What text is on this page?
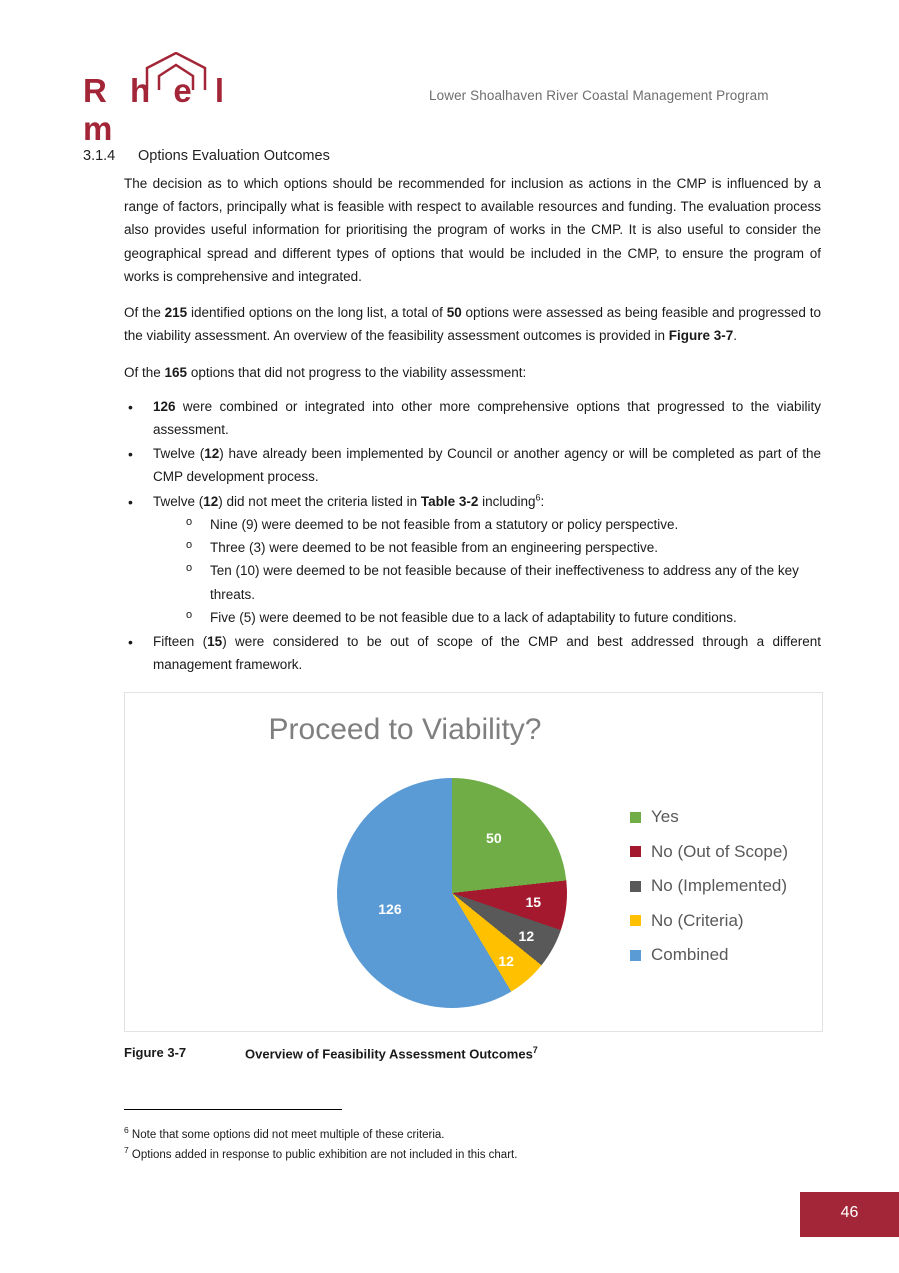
R h e l m
Lower Shoalhaven River Coastal Management Program
3.1.4 Options Evaluation Outcomes

The decision as to which options should be recommended for inclusion as actions in the CMP is influenced by a range of factors, principally what is feasible with respect to available resources and funding. The evaluation process also provides useful information for prioritising the program of works in the CMP. It is also useful to consider the geographical spread and different types of options that would be included in the CMP, to ensure the program of works is comprehensive and integrated.

Of the 215 identified options on the long list, a total of 50 options were assessed as being feasible and progressed to the viability assessment. An overview of the feasibility assessment outcomes is provided in Figure 3-7.

Of the 165 options that did not progress to the viability assessment:

• 126 were combined or integrated into other more comprehensive options that progressed to the viability assessment.
• Twelve (12) have already been implemented by Council or another agency or will be completed as part of the CMP development process.
• Twelve (12) did not meet the criteria listed in Table 3-2 including$^6$:
o Nine (9) were deemed to be not feasible from a statutory or policy perspective.
o Three (3) were deemed to be not feasible from an engineering perspective.
o Ten (10) were deemed to be not feasible because of their ineffectiveness to address any of the key threats.
o Five (5) were deemed to be not feasible due to a lack of adaptability to future conditions.
• Fifteen (15) were considered to be out of scope of the CMP and best addressed through a different management framework.
Proceed to Viability?
50
15
12
12
126
Yes
No (Out of Scope)
No (Implemented)
No (Criteria)
Combined
Figure 3-7	Overview of Feasibility Assessment Outcomes$^7$
$^6$ Note that some options did not meet multiple of these criteria.
$^7$ Options added in response to public exhibition are not included in this chart.
46
